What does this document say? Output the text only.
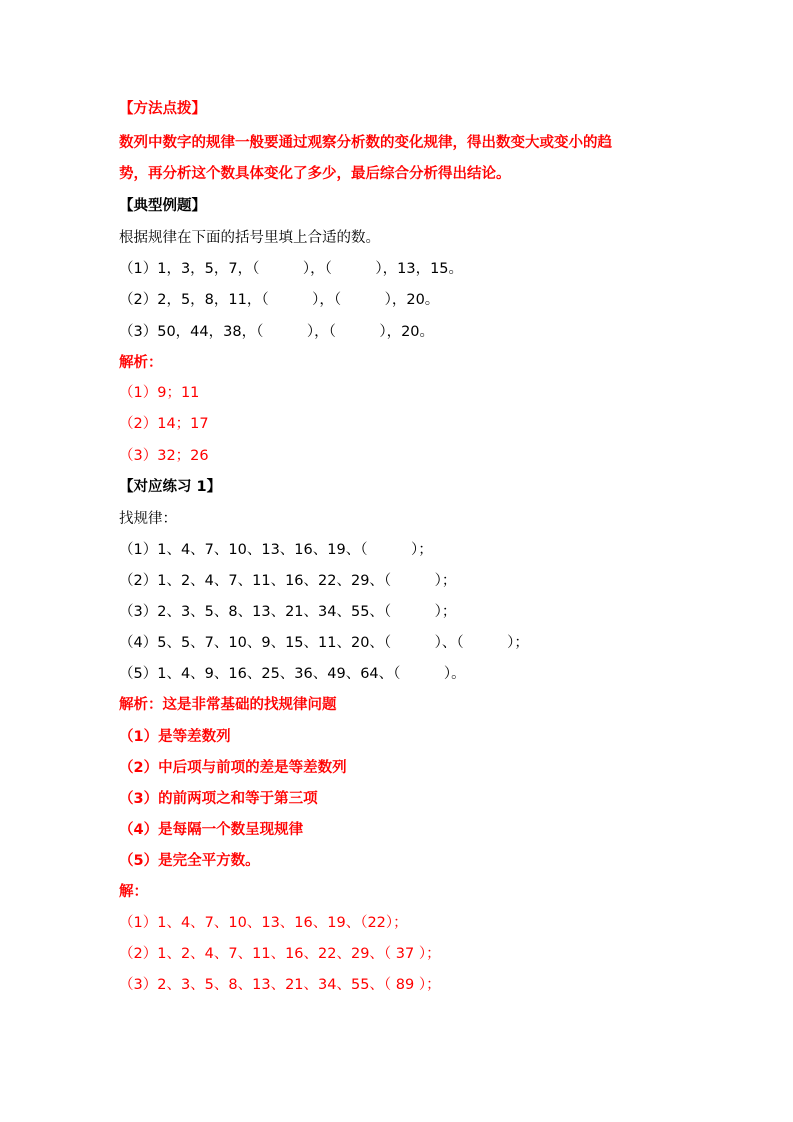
【方法点拨】
数列中数字的规律一般要通过观察分析数的变化规律，得出数变大或变小的趋
势，再分析这个数具体变化了多少，最后综合分析得出结论。
【典型例题】
根据规律在下面的括号里填上合适的数。
（1）1，3，5，7，（　　　），（　　　），13，15。
（2）2，5，8，11，（　　　），（　　　），20。
（3）50，44，38，（　　　），（　　　），20。
解析：
（1）9；11
（2）14；17
（3）32；26
【对应练习 1】
找规律：
（1）1、4、7、10、13、16、19、（　　　）；
（2）1、2、4、7、11、16、22、29、（　　　）；
（3）2、3、5、8、13、21、34、55、（　　　）；
（4）5、5、7、10、9、15、11、20、（　　　）、（　　　）；
（5）1、4、9、16、25、36、49、64、（　　　）。
解析：这是非常基础的找规律问题
（1）是等差数列
（2）中后项与前项的差是等差数列
（3）的前两项之和等于第三项
（4）是每隔一个数呈现规律
（5）是完全平方数。
解：
（1）1、4、7、10、13、16、19、（22）；
（2）1、2、4、7、11、16、22、29、（ 37 ）；
（3）2、3、5、8、13、21、34、55、（ 89 ）；
